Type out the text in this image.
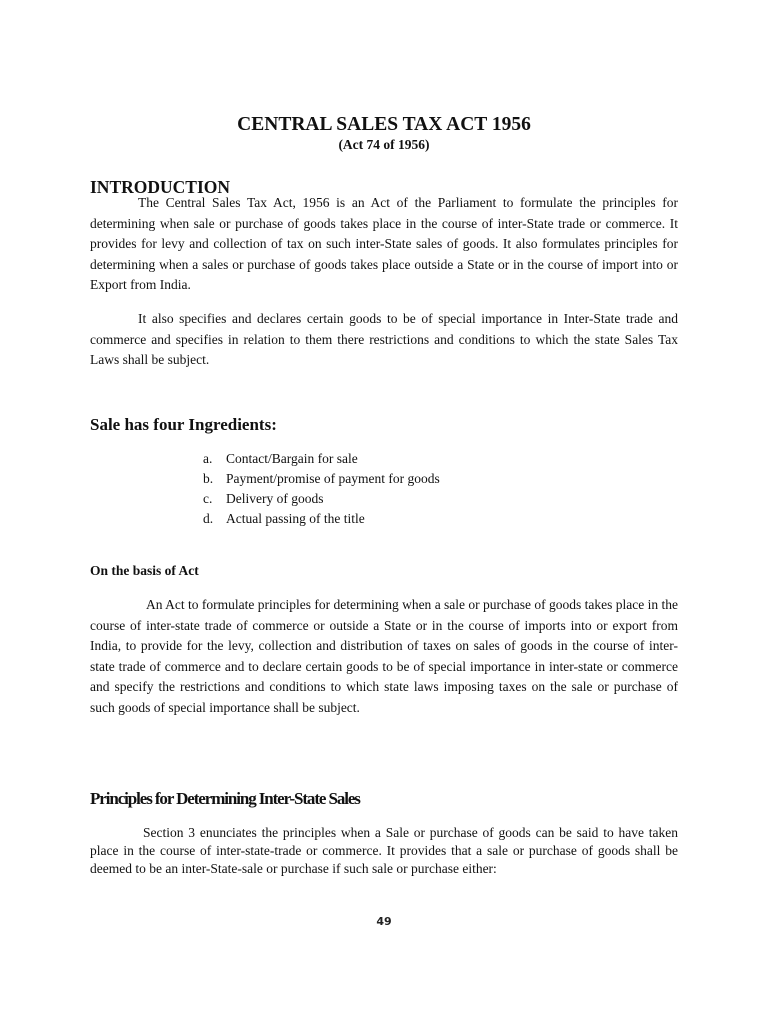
CENTRAL SALES TAX ACT 1956
(Act 74 of 1956)
INTRODUCTION

The Central Sales Tax Act, 1956 is an Act of the Parliament to formulate the principles for determining when sale or purchase of goods takes place in the course of inter-State trade or commerce. It provides for levy and collection of tax on such inter-State sales of goods. It also formulates principles for determining when a sales or purchase of goods takes place outside a State or in the course of import into or Export from India.

It also specifies and declares certain goods to be of special importance in Inter-State trade and commerce and specifies in relation to them there restrictions and conditions to which the state Sales Tax Laws shall be subject.

Sale has four Ingredients:
a.	Contact/Bargain for sale
b. Payment/promise of payment for goods
c.	Delivery of goods
d. Actual passing of the title
On the basis of Act

An Act to formulate principles for determining when a sale or purchase of goods takes place in the course of inter-state trade of commerce or outside a State or in the course of imports into or export from India, to provide for the levy, collection and distribution of taxes on sales of goods in the course of inter-state trade of commerce and to declare certain goods to be of special importance in inter-state or commerce and specify the restrictions and conditions to which state laws imposing taxes on the sale or purchase of such goods of special importance shall be subject.

Principles for Determining Inter-State Sales

Section 3 enunciates the principles when a Sale or purchase of goods can be said to have taken place in the course of inter-state-trade or commerce. It provides that a sale or purchase of goods shall be deemed to be an inter-State-sale or purchase if such sale or purchase either:

49
